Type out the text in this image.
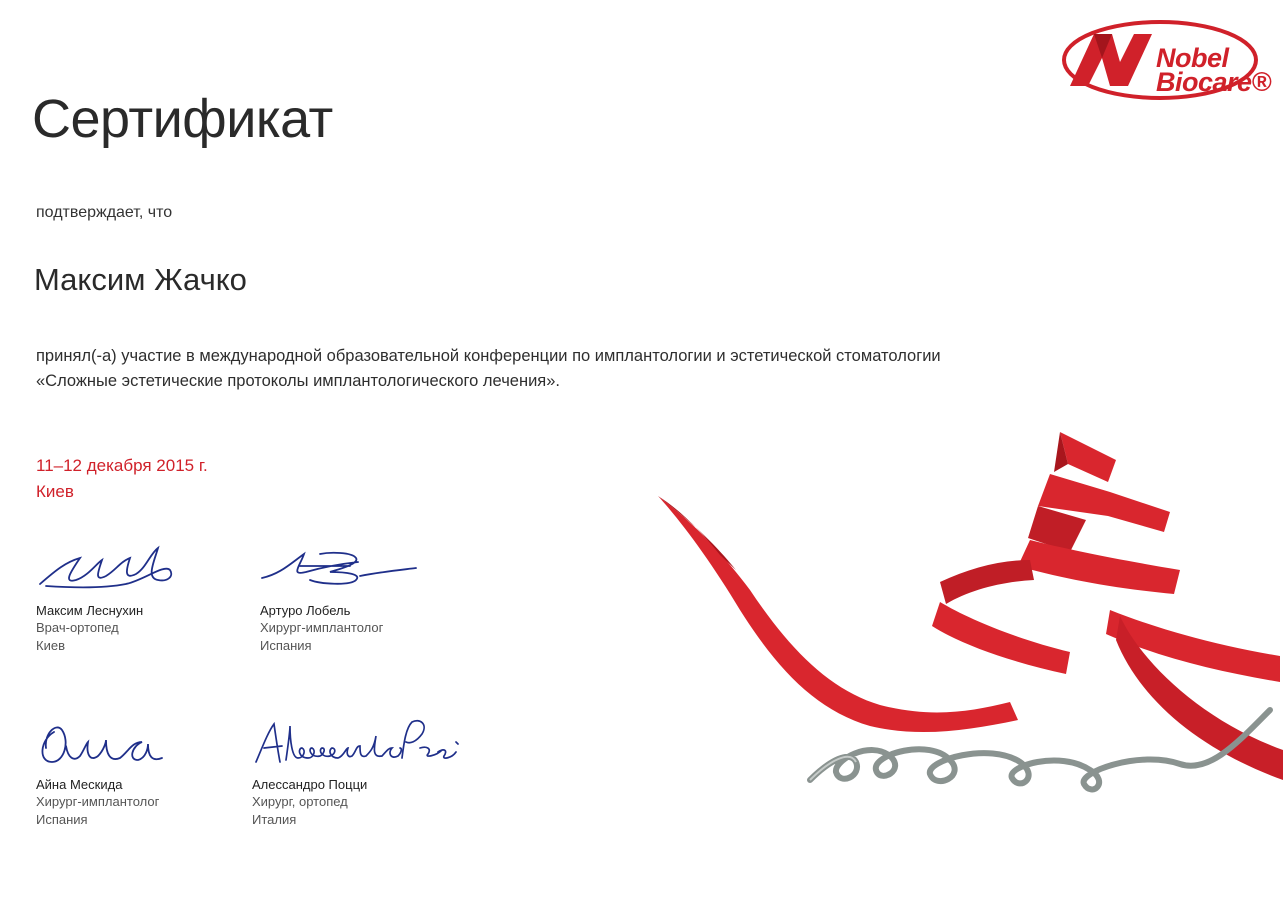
Nobel
Biocare®
Сертификат
подтверждает, что
Максим Жачко
принял(-а) участие в международной образовательной конференции по имплантологии и эстетической стоматологии
«Сложные эстетические протоколы имплантологического лечения».
11–12 декабря 2015 г.
Киев
Максим Леснухин
Врач-ортопед
Киев
Артуро Лобель
Хирург-имплантолог
Испания
Айна Мескида
Хирург-имплантолог
Испания
Алессандро Поцци
Хирург, ортопед
Италия
